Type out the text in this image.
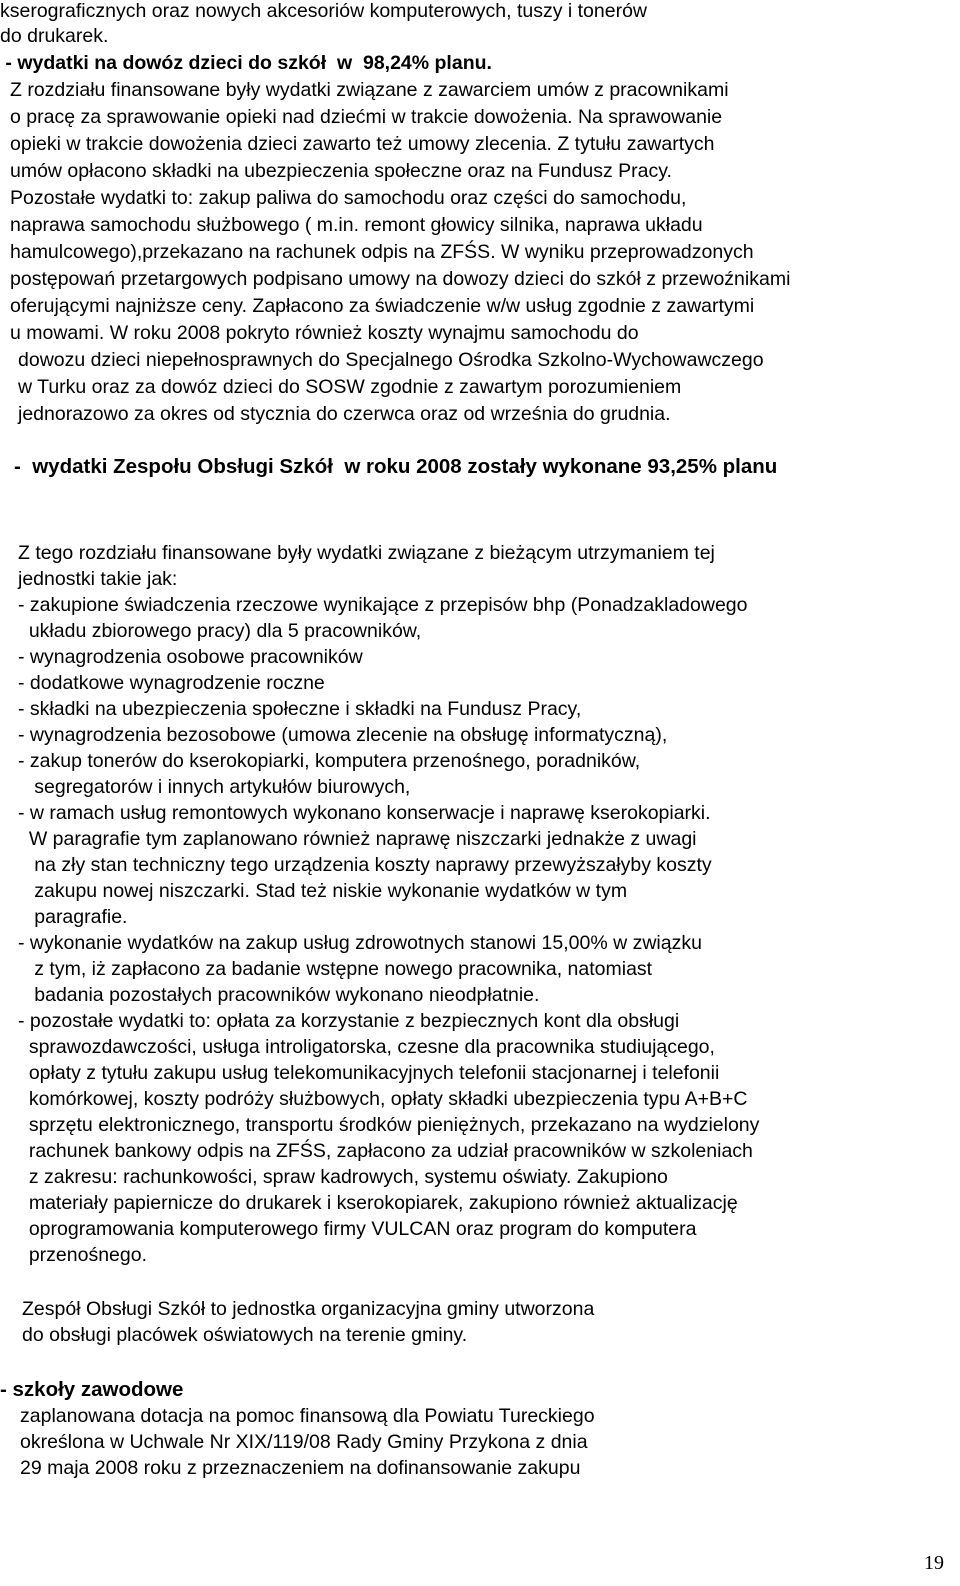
kserograficznych oraz nowych akcesoriów komputerowych, tuszy i tonerów

do drukarek.

- wydatki na dowóz dzieci do szkół  w  98,24% planu.

Z rozdziału finansowane były wydatki związane z zawarciem umów z pracownikami

o pracę za sprawowanie opieki nad dziećmi w trakcie dowożenia. Na sprawowanie

opieki w trakcie dowożenia dzieci zawarto też umowy zlecenia. Z tytułu zawartych

umów opłacono składki na ubezpieczenia społeczne oraz na Fundusz Pracy.

Pozostałe wydatki to: zakup paliwa do samochodu oraz części do samochodu,

naprawa samochodu służbowego ( m.in. remont głowicy silnika, naprawa układu

hamulcowego),przekazano na rachunek odpis na ZFŚS. W wyniku przeprowadzonych

postępowań przetargowych podpisano umowy na dowozy dzieci do szkół z przewoźnikami

oferującymi najniższe ceny. Zapłacono za świadczenie w/w usług zgodnie z zawartymi

u mowami. W roku 2008 pokryto również koszty wynajmu samochodu do

dowozu dzieci niepełnosprawnych do Specjalnego Ośrodka Szkolno-Wychowawczego

w Turku oraz za dowóz dzieci do SOSW zgodnie z zawartym porozumieniem

jednorazowo za okres od stycznia do czerwca oraz od września do grudnia.

-  wydatki Zespołu Obsługi Szkół  w roku 2008 zostały wykonane 93,25% planu

Z tego rozdziału finansowane były wydatki związane z bieżącym utrzymaniem tej

jednostki takie jak:

- zakupione świadczenia rzeczowe wynikające z przepisów bhp (Ponadzakladowego

układu zbiorowego pracy) dla 5 pracowników,

- wynagrodzenia osobowe pracowników

- dodatkowe wynagrodzenie roczne

- składki na ubezpieczenia społeczne i składki na Fundusz Pracy,

- wynagrodzenia bezosobowe (umowa zlecenie na obsługę informatyczną),

- zakup tonerów do kserokopiarki, komputera przenośnego, poradników,

segregatorów i innych artykułów biurowych,

- w ramach usług remontowych wykonano konserwacje i naprawę kserokopiarki.

W paragrafie tym zaplanowano również naprawę niszczarki jednakże z uwagi

na zły stan techniczny tego urządzenia koszty naprawy przewyższałyby koszty

zakupu nowej niszczarki. Stad też niskie wykonanie wydatków w tym

paragrafie.

- wykonanie wydatków na zakup usług zdrowotnych stanowi 15,00% w związku

z tym, iż zapłacono za badanie wstępne nowego pracownika, natomiast

badania pozostałych pracowników wykonano nieodpłatnie.

- pozostałe wydatki to: opłata za korzystanie z bezpiecznych kont dla obsługi

sprawozdawczości, usługa introligatorska, czesne dla pracownika studiującego,

opłaty z tytułu zakupu usług telekomunikacyjnych telefonii stacjonarnej i telefonii

komórkowej, koszty podróży służbowych, opłaty składki ubezpieczenia typu A+B+C

sprzętu elektronicznego, transportu środków pieniężnych, przekazano na wydzielony

rachunek bankowy odpis na ZFŚS, zapłacono za udział pracowników w szkoleniach

z zakresu: rachunkowości, spraw kadrowych, systemu oświaty. Zakupiono

materiały papiernicze do drukarek i kserokopiarek, zakupiono również aktualizację

oprogramowania komputerowego firmy VULCAN oraz program do komputera

przenośnego.

Zespół Obsługi Szkół to jednostka organizacyjna gminy utworzona

do obsługi placówek oświatowych na terenie gminy.

- szkoły zawodowe

zaplanowana dotacja na pomoc finansową dla Powiatu Tureckiego

określona w Uchwale Nr XIX/119/08 Rady Gminy Przykona z dnia

29 maja 2008 roku z przeznaczeniem na dofinansowanie zakupu

19
